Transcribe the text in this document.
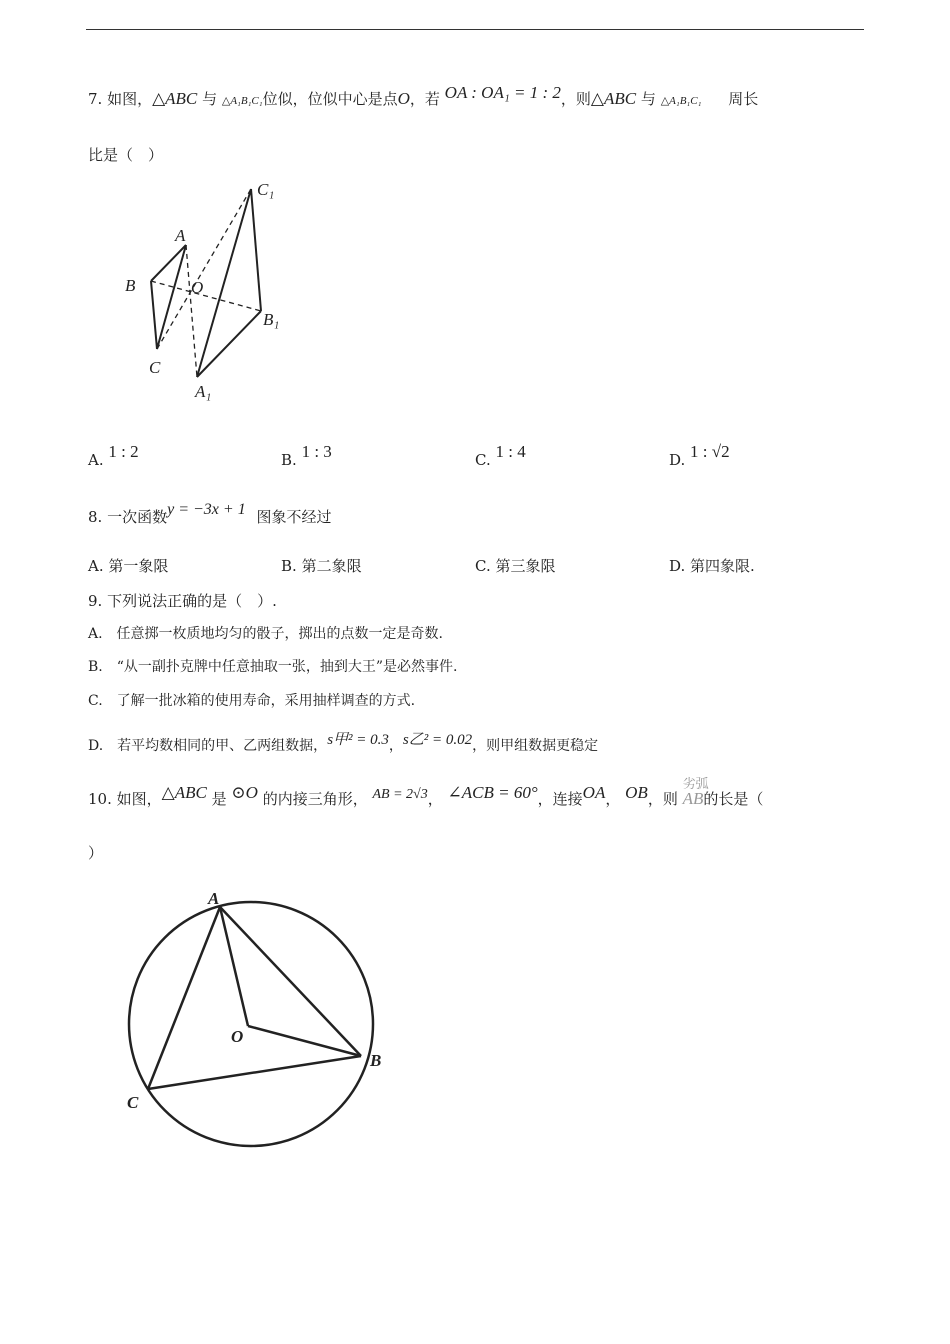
7. 如图，△ABC 与 △A₁B₁C₁位似，位似中心是点O，若 OA : OA₁ = 1 : 2，则△ABC 与 △A₁B₁C₁ 周长
比是（　）
A
B
C
O
A₁
B₁
C₁
A. 1 : 2	B. 1 : 3	C. 1 : 4	D. 1 : √2
8. 一次函数y = −3x + 1 图象不经过
A. 第一象限	B. 第二象限	C. 第三象限	D. 第四象限.
9. 下列说法正确的是（　）.
A.　任意掷一枚质地均匀的骰子，掷出的点数一定是奇数.
B.　“从一副扑克牌中任意抽取一张，抽到大王”是必然事件.
C.　了解一批冰箱的使用寿命，采用抽样调查的方式.
D.　若平均数相同的甲、乙两组数据，s甲² = 0.3，s乙² = 0.02，则甲组数据更稳定
10. 如图，△ABC 是 ⊙O 的内接三角形， AB = 2√3， ∠ACB = 60°，连接OA， OB，则 AB
劣弧
的长是（
）
A
B
C
O
